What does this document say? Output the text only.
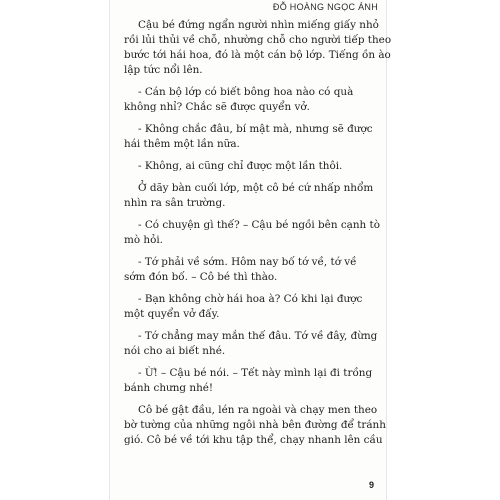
ĐỖ HOÀNG NGỌC ÁNH

Cậu bé đứng ngẩn người nhìn miếng giấy nhỏ
rồi lủi thủi về chỗ, nhường chỗ cho người tiếp theo
bước tới hái hoa, đó là một cán bộ lớp. Tiếng ồn ào
lập tức nổi lên.

- Cán bộ lớp có biết bông hoa nào có quà
không nhỉ? Chắc sẽ được quyển vở.

- Không chắc đâu, bí mật mà, nhưng sẽ được
hái thêm một lần nữa.

- Không, ai cũng chỉ được một lần thôi.

Ở dãy bàn cuối lớp, một cô bé cứ nhấp nhổm
nhìn ra sân trường.

- Có chuyện gì thế? – Cậu bé ngồi bên cạnh tò
mò hỏi.

- Tớ phải về sớm. Hôm nay bố tớ về, tớ về
sớm đón bố. – Cô bé thì thào.

- Bạn không chờ hái hoa à? Có khi lại được
một quyển vở đấy.

- Tớ chẳng may mắn thế đâu. Tớ về đây, đừng
nói cho ai biết nhé.

- Ừ! – Cậu bé nói. – Tết này mình lại đi trồng
bánh chưng nhé!

Cô bé gật đầu, lén ra ngoài và chạy men theo
bờ tường của những ngôi nhà bên đường để tránh
gió. Cô bé về tới khu tập thể, chạy nhanh lên cầu

9
